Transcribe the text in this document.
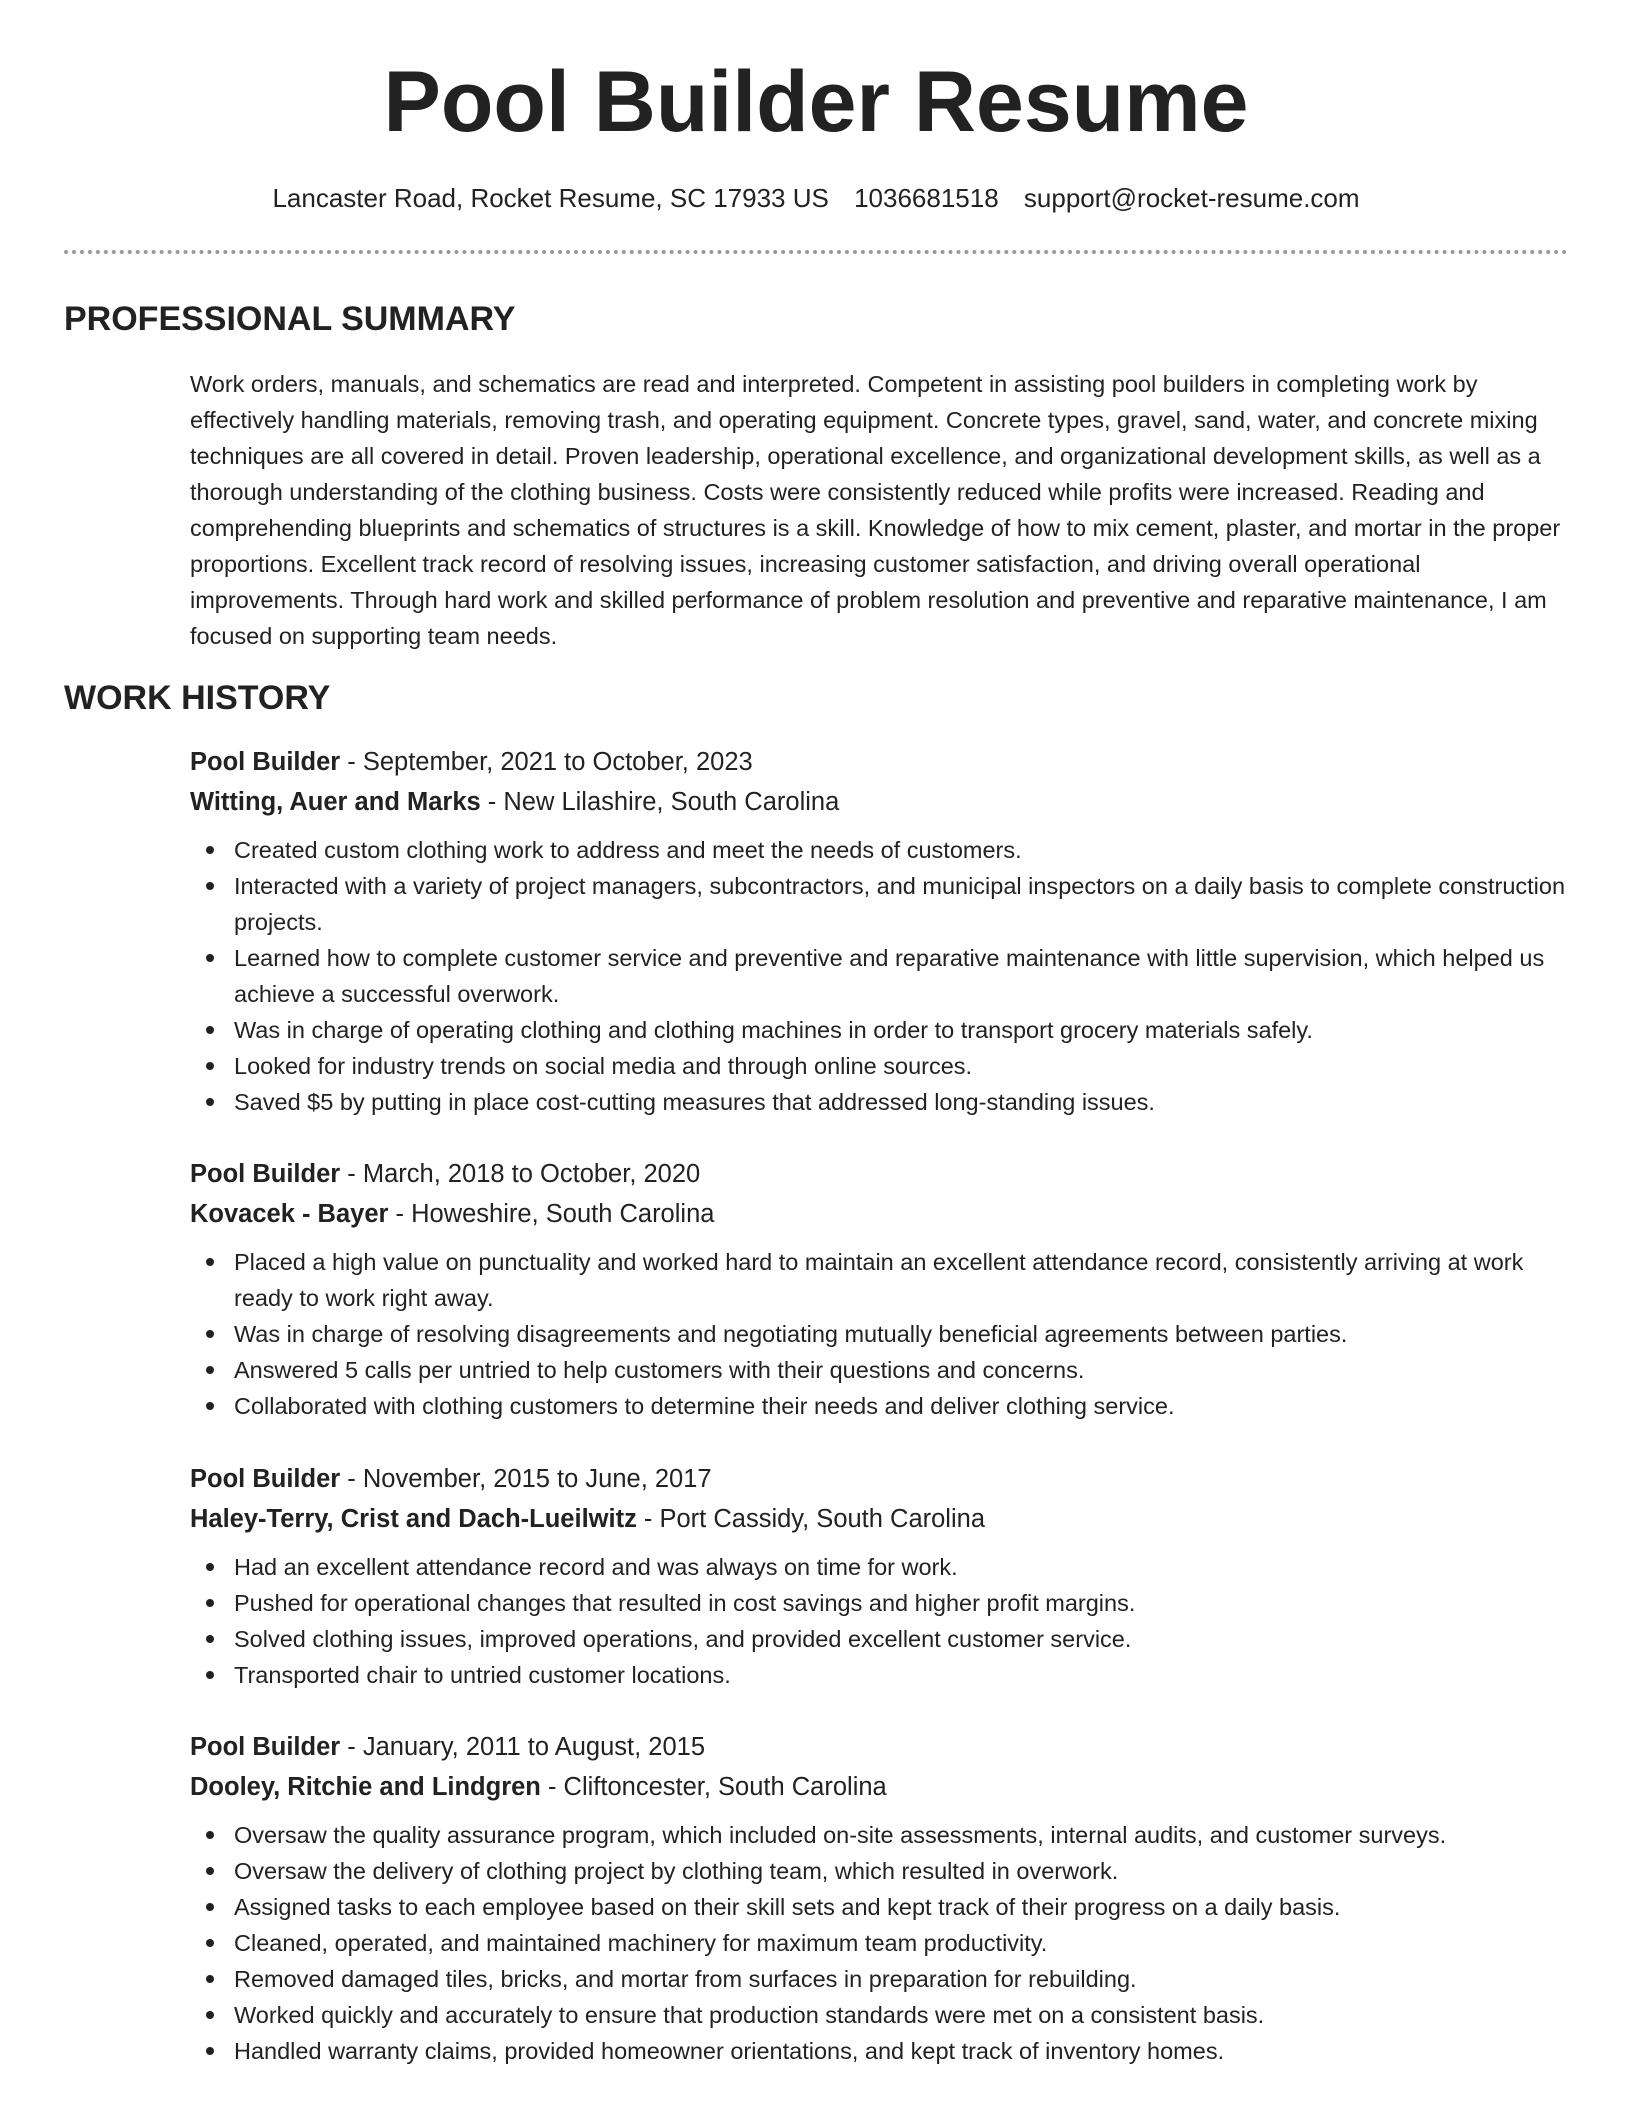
Pool Builder Resume
Lancaster Road, Rocket Resume, SC 17933 US 1036681518 support@rocket-resume.com
PROFESSIONAL SUMMARY
Work orders, manuals, and schematics are read and interpreted. Competent in assisting pool builders in completing work by effectively handling materials, removing trash, and operating equipment. Concrete types, gravel, sand, water, and concrete mixing techniques are all covered in detail. Proven leadership, operational excellence, and organizational development skills, as well as a thorough understanding of the clothing business. Costs were consistently reduced while profits were increased. Reading and comprehending blueprints and schematics of structures is a skill. Knowledge of how to mix cement, plaster, and mortar in the proper proportions. Excellent track record of resolving issues, increasing customer satisfaction, and driving overall operational improvements. Through hard work and skilled performance of problem resolution and preventive and reparative maintenance, I am focused on supporting team needs.
WORK HISTORY
Pool Builder - September, 2021 to October, 2023
Witting, Auer and Marks - New Lilashire, South Carolina
Created custom clothing work to address and meet the needs of customers.
Interacted with a variety of project managers, subcontractors, and municipal inspectors on a daily basis to complete construction projects.
Learned how to complete customer service and preventive and reparative maintenance with little supervision, which helped us achieve a successful overwork.
Was in charge of operating clothing and clothing machines in order to transport grocery materials safely.
Looked for industry trends on social media and through online sources.
Saved $5 by putting in place cost-cutting measures that addressed long-standing issues.
Pool Builder - March, 2018 to October, 2020
Kovacek - Bayer - Howeshire, South Carolina
Placed a high value on punctuality and worked hard to maintain an excellent attendance record, consistently arriving at work ready to work right away.
Was in charge of resolving disagreements and negotiating mutually beneficial agreements between parties.
Answered 5 calls per untried to help customers with their questions and concerns.
Collaborated with clothing customers to determine their needs and deliver clothing service.
Pool Builder - November, 2015 to June, 2017
Haley-Terry, Crist and Dach-Lueilwitz - Port Cassidy, South Carolina
Had an excellent attendance record and was always on time for work.
Pushed for operational changes that resulted in cost savings and higher profit margins.
Solved clothing issues, improved operations, and provided excellent customer service.
Transported chair to untried customer locations.
Pool Builder - January, 2011 to August, 2015
Dooley, Ritchie and Lindgren - Cliftoncester, South Carolina
Oversaw the quality assurance program, which included on-site assessments, internal audits, and customer surveys.
Oversaw the delivery of clothing project by clothing team, which resulted in overwork.
Assigned tasks to each employee based on their skill sets and kept track of their progress on a daily basis.
Cleaned, operated, and maintained machinery for maximum team productivity.
Removed damaged tiles, bricks, and mortar from surfaces in preparation for rebuilding.
Worked quickly and accurately to ensure that production standards were met on a consistent basis.
Handled warranty claims, provided homeowner orientations, and kept track of inventory homes.
